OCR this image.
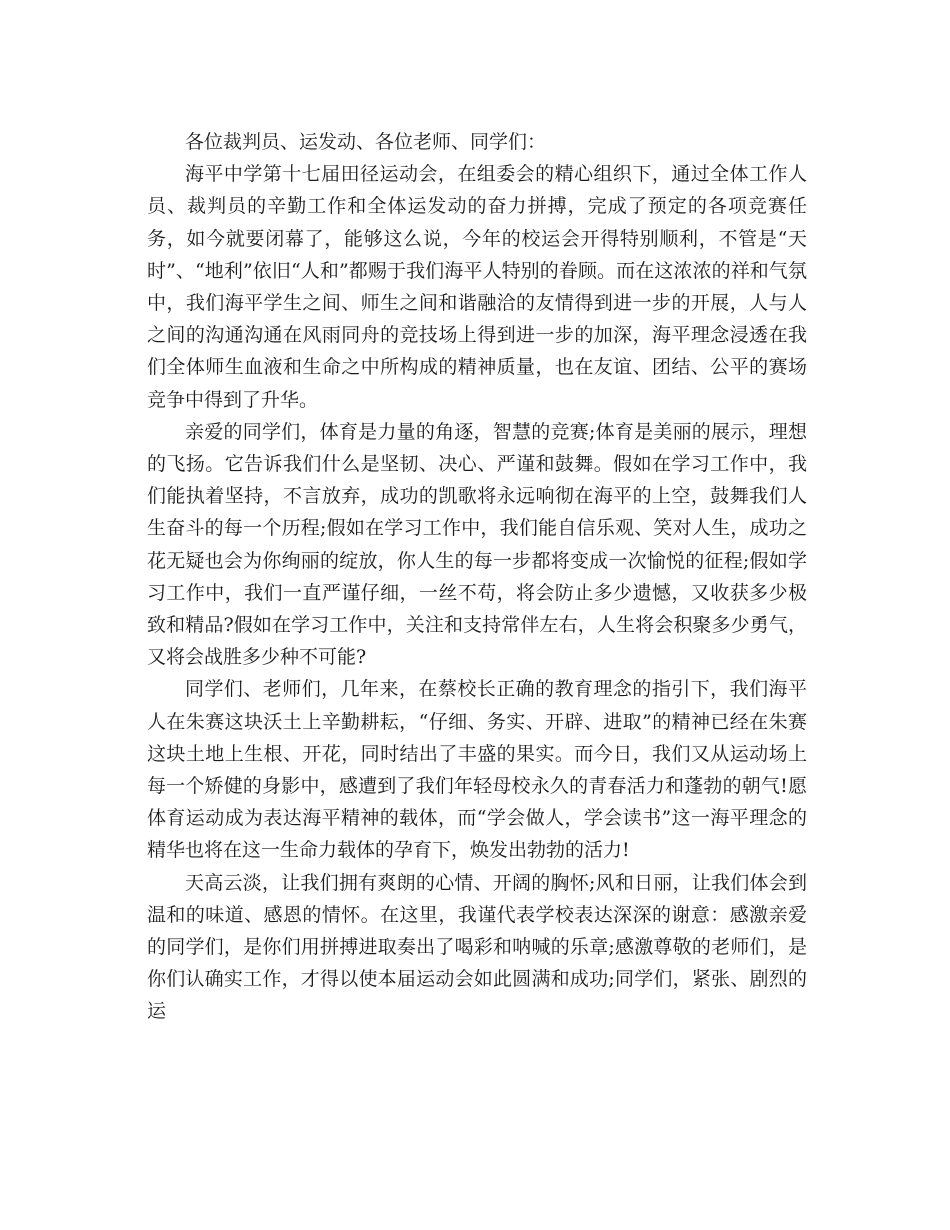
各位裁判员、运发动、各位老师、同学们：

海平中学第十七届田径运动会，在组委会的精心组织下，通过全体工作人员、裁判员的辛勤工作和全体运发动的奋力拼搏，完成了预定的各项竞赛任务，如今就要闭幕了，能够这么说，今年的校运会开得特别顺利，不管是“天时”、“地利”依旧“人和”都赐于我们海平人特别的眷顾。而在这浓浓的祥和气氛中，我们海平学生之间、师生之间和谐融洽的友情得到进一步的开展，人与人之间的沟通沟通在风雨同舟的竞技场上得到进一步的加深，海平理念浸透在我们全体师生血液和生命之中所构成的精神质量，也在友谊、团结、公平的赛场竞争中得到了升华。

亲爱的同学们，体育是力量的角逐，智慧的竞赛;体育是美丽的展示，理想的飞扬。它告诉我们什么是坚韧、决心、严谨和鼓舞。假如在学习工作中，我们能执着坚持，不言放弃，成功的凯歌将永远响彻在海平的上空，鼓舞我们人生奋斗的每一个历程;假如在学习工作中，我们能自信乐观、笑对人生，成功之花无疑也会为你绚丽的绽放，你人生的每一步都将变成一次愉悦的征程;假如学习工作中，我们一直严谨仔细，一丝不苟，将会防止多少遗憾，又收获多少极致和精品?假如在学习工作中，关注和支持常伴左右，人生将会积聚多少勇气，又将会战胜多少种不可能?

同学们、老师们，几年来，在蔡校长正确的教育理念的指引下，我们海平人在朱赛这块沃土上辛勤耕耘，“仔细、务实、开辟、进取”的精神已经在朱赛这块土地上生根、开花，同时结出了丰盛的果实。而今日，我们又从运动场上每一个矫健的身影中，感遭到了我们年轻母校永久的青春活力和蓬勃的朝气!愿体育运动成为表达海平精神的载体，而“学会做人，学会读书”这一海平理念的精华也将在这一生命力载体的孕育下，焕发出勃勃的活力!

天高云淡，让我们拥有爽朗的心情、开阔的胸怀;风和日丽，让我们体会到温和的味道、感恩的情怀。在这里，我谨代表学校表达深深的谢意：感激亲爱的同学们，是你们用拼搏进取奏出了喝彩和呐喊的乐章;感激尊敬的老师们，是你们认确实工作，才得以使本届运动会如此圆满和成功;同学们，紧张、剧烈的运
